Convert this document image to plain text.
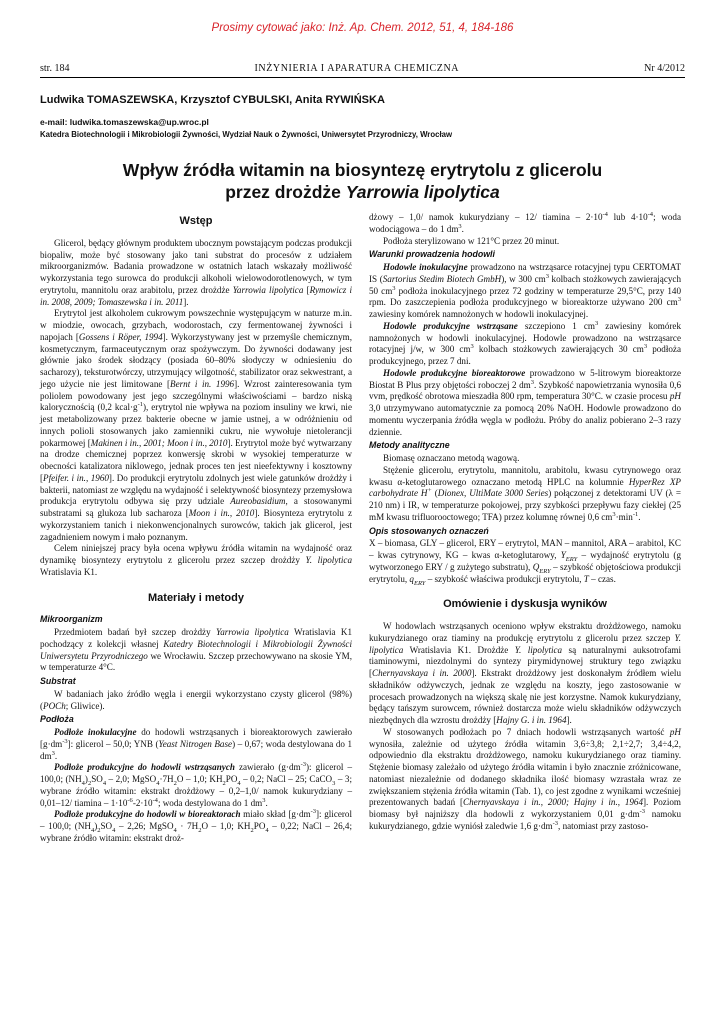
Prosimy cytować jako: Inż. Ap. Chem. 2012, 51, 4, 184-186
str. 184	INŻYNIERIA I APARATURA CHEMICZNA	Nr 4/2012
Ludwika TOMASZEWSKA, Krzysztof CYBULSKI, Anita RYWIŃSKA
e-mail: ludwika.tomaszewska@up.wroc.pl
Katedra Biotechnologii i Mikrobiologii Żywności, Wydział Nauk o Żywności, Uniwersytet Przyrodniczy, Wrocław
Wpływ źródła witamin na biosyntezę erytrytolu z glicerolu
przez drożdże Yarrowia lipolytica
Wstęp

Glicerol, będący głównym produktem ubocznym powstającym podczas produkcji biopaliw, może być stosowany jako tani substrat do procesów z udziałem mikroorganizmów. Badania prowadzone w ostatnich latach wskazały możliwość wykorzystania tego surowca do produkcji alkoholi wielowodorotlenowych, w tym erytrytolu, mannitolu oraz arabitolu, przez drożdże Yarrowia lipolytica [Rymowicz i in. 2008, 2009; Tomaszewska i in. 2011].

Erytrytol jest alkoholem cukrowym powszechnie występującym w naturze m.in. w miodzie, owocach, grzybach, wodorostach, czy fermentowanej żywności i napojach [Gossens i Röper, 1994]. Wykorzystywany jest w przemyśle chemicznym, kosmetycznym, farmaceutycznym oraz spożywczym. Do żywności dodawany jest głównie jako środek słodzący (posiada 60–80% słodyczy w odniesieniu do sacharozy), teksturotwórczy, utrzymujący wilgotność, stabilizator oraz sekwestrant, a jego użycie nie jest limitowane [Bernt i in. 1996]. Wzrost zainteresowania tym poliolem powodowany jest jego szczególnymi właściwościami – bardzo niską kalorycznością (0,2 $kcal\cdot g^{-1}$), erytrytol nie wpływa na poziom insuliny we krwi, nie jest metabolizowany przez bakterie obecne w jamie ustnej, a w odróżnieniu od innych polioli stosowanych jako zamienniki cukru, nie wywołuje nietolerancji pokarmowej [Makinen i in., 2001; Moon i in., 2010]. Erytrytol może być wytwarzany na drodze chemicznej poprzez konwersję skrobi w wysokiej temperaturze w obecności katalizatora niklowego, jednak proces ten jest nieefektywny i kosztowny [Pfeifer. i in., 1960]. Do produkcji erytrytolu zdolnych jest wiele gatunków drożdży i bakterii, natomiast ze względu na wydajność i selektywność biosyntezy przemysłowa produkcja erytrytolu odbywa się przy udziale Aureobasidium, a stosowanymi substratami są glukoza lub sacharoza [Moon i in., 2010]. Biosynteza erytrytolu z wykorzystaniem tanich i niekonwencjonalnych surowców, takich jak glicerol, jest zagadnieniem nowym i mało poznanym.

Celem niniejszej pracy była ocena wpływu źródła witamin na wydajność oraz dynamikę biosyntezy erytrytolu z glicerolu przez szczep drożdży Y. lipolytica Wratislavia K1.

Materiały i metody
Mikroorganizm

Przedmiotem badań był szczep drożdży Yarrowia lipolytica Wratislavia K1 pochodzący z kolekcji własnej Katedry Biotechnologii i Mikrobiologii Żywności Uniwersytetu Przyrodniczego we Wrocławiu. Szczep przechowywano na skosie YM, w temperaturze 4°C.

Substrat

W badaniach jako źródło węgla i energii wykorzystano czysty glicerol (98%) (POCh; Gliwice).

Podłoża

Podłoże inokulacyjne do hodowli wstrząsanych i bioreaktorowych zawierało $[g\cdot dm^{-3}]$: glicerol – 50,0; YNB (Yeast Nitrogen Base) – 0,67; woda destylowana do 1 $dm^3$.

Podłoże produkcyjne do hodowli wstrząsanych zawierało $(g\cdot dm^{-3})$: glicerol – 100,0; $(NH_4)_2SO_4 - 2,0$; $MgSO_4\cdot 7H_2O - 1,0$; $KH_2PO_4 - 0,2$; NaCl – 25; CaCO$_3$ – 3; wybrane źródło witamin: ekstrakt drożdżowy – 0,2–1,0/ namok kukurydziany – 0,01–12/ $tiamina - 1\cdot 10^{-6}-2\cdot 10^{-4}$; woda destylowana do 1 $dm^3$.

Podłoże produkcyjne do hodowli w bioreaktorach miało skład $[g\cdot dm^{-3}]$: glicerol – 100,0; $(NH_4)_2SO_4 - 2,26$; MgSO$_4$ · $7H_2O - 1,0$; $KH_2PO_4 - 0,22$; NaCl – 26,4; wybrane źródło witamin: ekstrakt droż-

dżowy – 1,0/ namok kukurydziany – 12/ $tiamina - 2\cdot 10^{-4}$ lub $4\cdot 10^{-4}$; woda wodociągowa – do 1 $dm^3$.

Podłoża sterylizowano w 121°C przez 20 minut.

Warunki prowadzenia hodowli

Hodowle inokulacyjne prowadzono na wstrząsarce rotacyjnej typu CERTOMAT IS (Sartorius Stedim Biotech GmbH), w 300 $cm^3$ kolbach stożkowych zawierających 50 $cm^3$ podłoża inokulacyjnego przez 72 godziny w temperaturze 29,5°C, przy 140 rpm. Do zaszczepienia podłoża produkcyjnego w bioreaktorze używano 200 $cm^3$ zawiesiny komórek namnożonych w hodowli inokulacyjnej.

Hodowle produkcyjne wstrząsane szczepiono 1 $cm^3$ zawiesiny komórek namnożonych w hodowli inokulacyjnej. Hodowle prowadzono na wstrząsarce rotacyjnej j/w, w 300 $cm^3$ kolbach stożkowych zawierających 30 $cm^3$ podłoża produkcyjnego, przez 7 dni.

Hodowle produkcyjne bioreaktorowe prowadzono w 5-litrowym bioreaktorze Biostat B Plus przy objętości roboczej 2 $dm^3$. Szybkość napowietrzania wynosiła 0,6 vvm, prędkość obrotowa mieszadła 800 rpm, temperatura 30°C. w czasie procesu pH 3,0 utrzymywano automatycznie za pomocą 20% NaOH. Hodowle prowadzono do momentu wyczerpania źródła węgla w podłożu. Próby do analiz pobierano 2–3 razy dziennie.

Metody analityczne

Biomasę oznaczano metodą wagową.

Stężenie glicerolu, erytrytolu, mannitolu, arabitolu, kwasu cytrynowego oraz kwasu α-ketoglutarowego oznaczano metodą HPLC na kolumnie HyperRez XP carbohydrate H+ (Dionex, UltiMate 3000 Series) połączonej z detektorami UV (λ = 210 nm) i IR, w temperaturze pokojowej, przy szybkości przepływu fazy ciekłej (25 mM kwasu trifluorooctowego; TFA) przez kolumnę równej 0,6 $cm^3\cdot\min^{-1}$.

Opis stosowanych oznaczeń

X – biomasa, GLY – glicerol, ERY – erytrytol, MAN – mannitol, ARA – arabitol, KC – kwas cytrynowy, KG – kwas α-ketoglutarowy, $Y_{ERY}$ – wydajność erytrytolu (g wytworzonego ERY / g zużytego substratu), $Q_{ERY}$ – szybkość objętościowa produkcji erytrytolu, $q_{ERY}$ – szybkość właściwa produkcji erytrytolu, T – czas.

Omówienie i dyskusja wyników

W hodowlach wstrząsanych oceniono wpływ ekstraktu drożdżowego, namoku kukurydzianego oraz tiaminy na produkcję erytrytolu z glicerolu przez szczep Y. lipolytica Wratislavia K1. Drożdże Y. lipolytica są naturalnymi auksotrofami tiaminowymi, niezdolnymi do syntezy pirymidynowej struktury tego związku [Chernyavskaya i in. 2000]. Ekstrakt drożdżowy jest doskonałym źródłem wielu składników odżywczych, jednak ze względu na koszty, jego zastosowanie w procesach prowadzonych na większą skalę nie jest korzystne. Namok kukurydziany, będący tańszym surowcem, również dostarcza może wielu składników odżywczych niezbędnych dla wzrostu drożdży [Hajny G. i in. 1964].

W stosowanych podłożach po 7 dniach hodowli wstrząsanych wartość pH wynosiła, zależnie od użytego źródła witamin 3,6÷3,8; 2,1÷2,7; 3,4÷4,2, odpowiednio dla ekstraktu drożdżowego, namoku kukurydzianego oraz tiaminy. Stężenie biomasy zależało od użytego źródła witamin i było znacznie zróżnicowane, natomiast niezależnie od dodanego składnika ilość biomasy wzrastała wraz ze zwiększaniem stężenia źródła witamin (Tab. 1), co jest zgodne z wynikami wcześniej prezentowanych badań [Chernyavskaya i in., 2000; Hajny i in., 1964]. Poziom biomasy był najniższy dla hodowli z wykorzystaniem 0,01 $g\cdot dm^{-3}$ namoku kukurydzianego, gdzie wyniósł zaledwie 1,6 $g\cdot dm^{-3}$, natomiast przy zastoso-
